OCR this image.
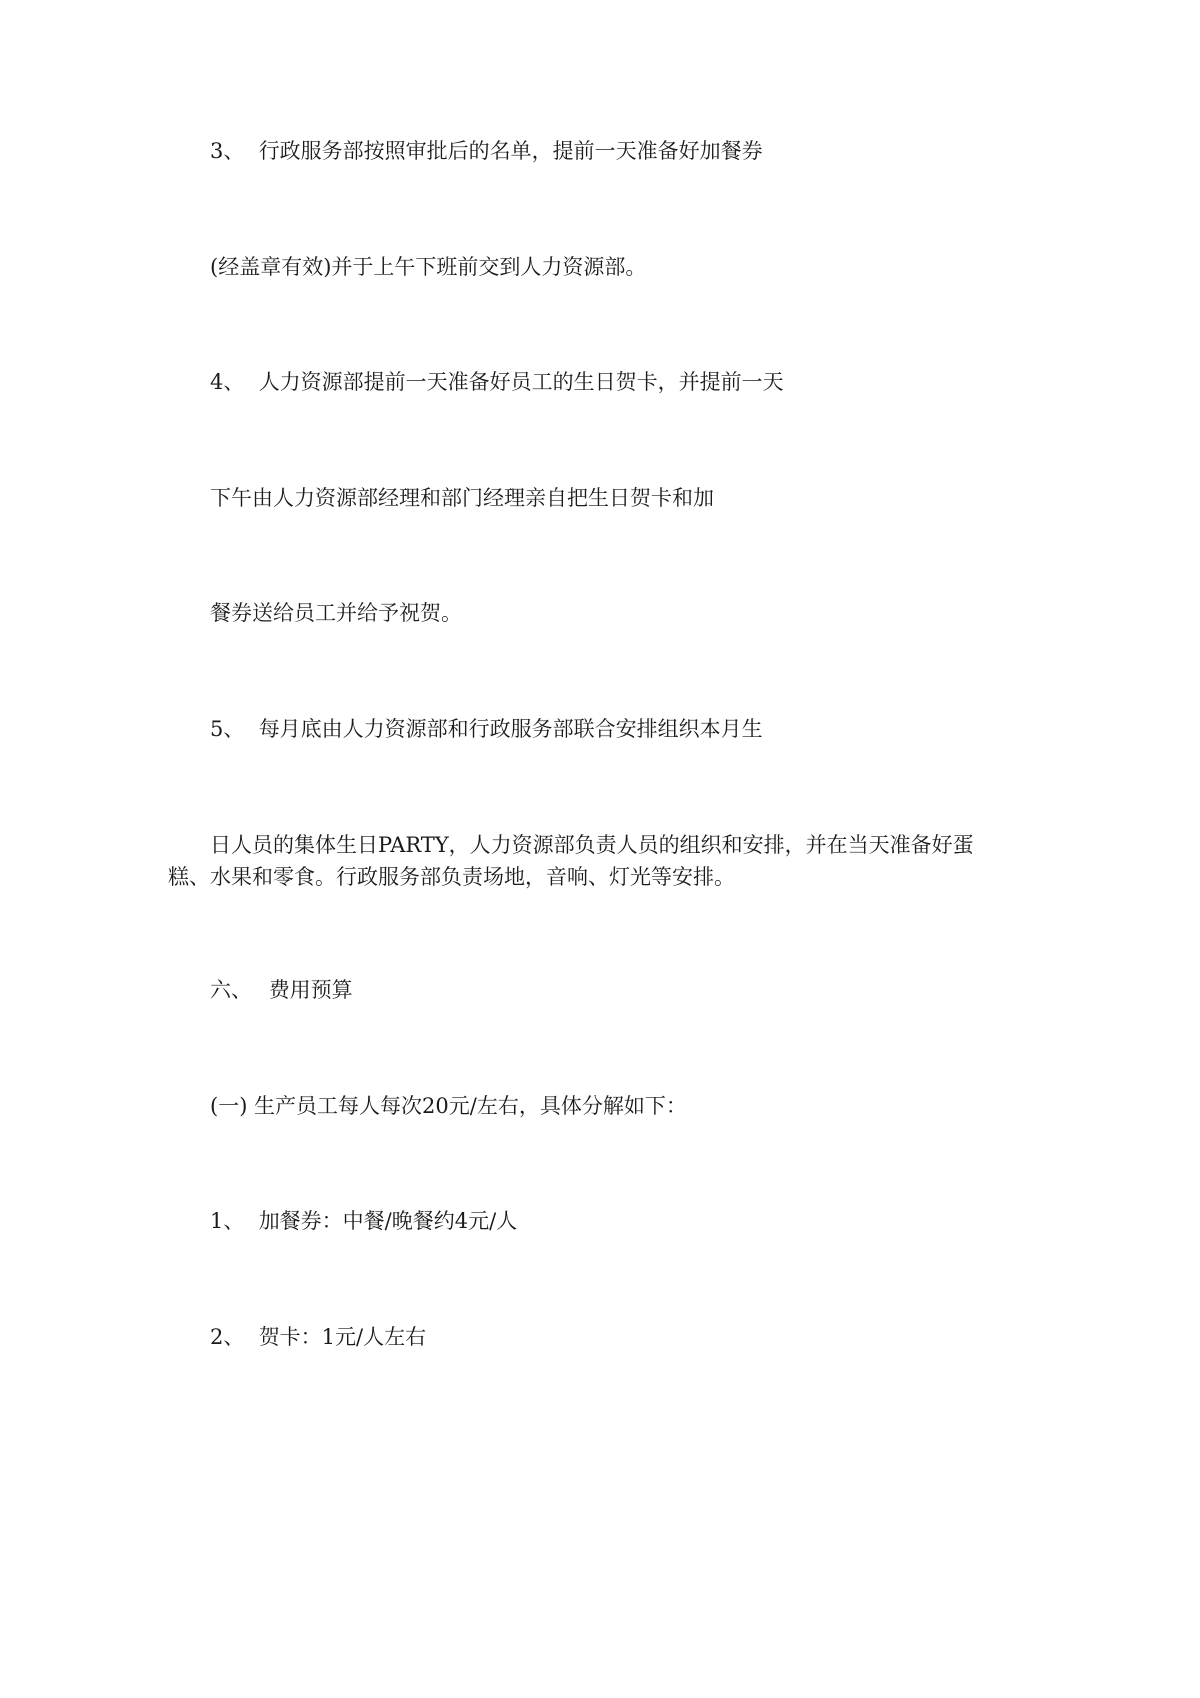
3、 行政服务部按照审批后的名单，提前一天准备好加餐券
(经盖章有效)并于上午下班前交到人力资源部。
4、 人力资源部提前一天准备好员工的生日贺卡，并提前一天
下午由人力资源部经理和部门经理亲自把生日贺卡和加
餐券送给员工并给予祝贺。
5、 每月底由人力资源部和行政服务部联合安排组织本月生
日人员的集体生日PARTY，人力资源部负责人员的组织和安排，并在当天准备好蛋
糕、水果和零食。行政服务部负责场地，音响、灯光等安排。
六、 费用预算
(一) 生产员工每人每次20元/左右，具体分解如下：
1、 加餐券：中餐/晚餐约4元/人
2、 贺卡：1元/人左右
